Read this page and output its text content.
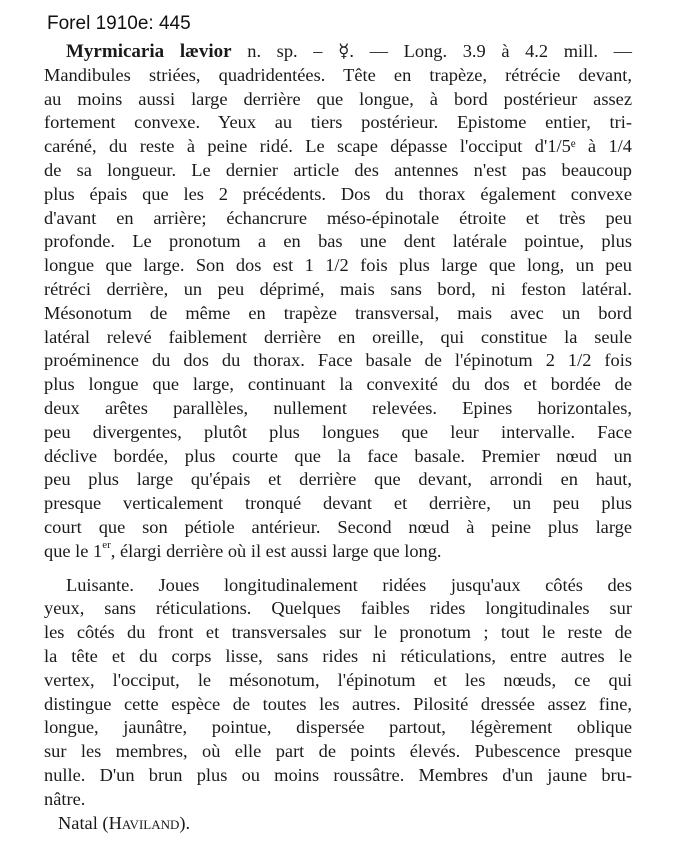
Forel 1910e: 445
Myrmicaria lævior n. sp. – ☿. — Long. 3.9 à 4.2 mill. —
Mandibules striées, quadridentées. Tête en trapèze, rétrécie devant,
au moins aussi large derrière que longue, à bord postérieur assez
fortement convexe. Yeux au tiers postérieur. Epistome entier, tri-
caréné, du reste à peine ridé. Le scape dépasse l'occiput d'1/5ᵉ à 1/4
de sa longueur. Le dernier article des antennes n'est pas beaucoup
plus épais que les 2 précédents. Dos du thorax également convexe
d'avant en arrière; échancrure méso-épinotale étroite et très peu
profonde. Le pronotum a en bas une dent latérale pointue, plus
longue que large. Son dos est 1 1/2 fois plus large que long, un peu
rétréci derrière, un peu déprimé, mais sans bord, ni feston latéral.
Mésonotum de même en trapèze transversal, mais avec un bord
latéral relevé faiblement derrière en oreille, qui constitue la seule
proéminence du dos du thorax. Face basale de l'épinotum 2 1/2 fois
plus longue que large, continuant la convexité du dos et bordée de
deux arêtes parallèles, nullement relevées. Epines horizontales,
peu divergentes, plutôt plus longues que leur intervalle. Face
déclive bordée, plus courte que la face basale. Premier nœud un
peu plus large qu'épais et derrière que devant, arrondi en haut,
presque verticalement tronqué devant et derrière, un peu plus
court que son pétiole antérieur. Second nœud à peine plus large
que le 1er, élargi derrière où il est aussi large que long.
Luisante. Joues longitudinalement ridées jusqu'aux côtés des
yeux, sans réticulations. Quelques faibles rides longitudinales sur
les côtés du front et transversales sur le pronotum ; tout le reste de
la tête et du corps lisse, sans rides ni réticulations, entre autres le
vertex, l'occiput, le mésonotum, l'épinotum et les nœuds, ce qui
distingue cette espèce de toutes les autres. Pilosité dressée assez fine,
longue, jaunâtre, pointue, dispersée partout, légèrement oblique
sur les membres, où elle part de points élevés. Pubescence presque
nulle. D'un brun plus ou moins roussâtre. Membres d'un jaune bru-
nâtre.
Natal (Haviland).
